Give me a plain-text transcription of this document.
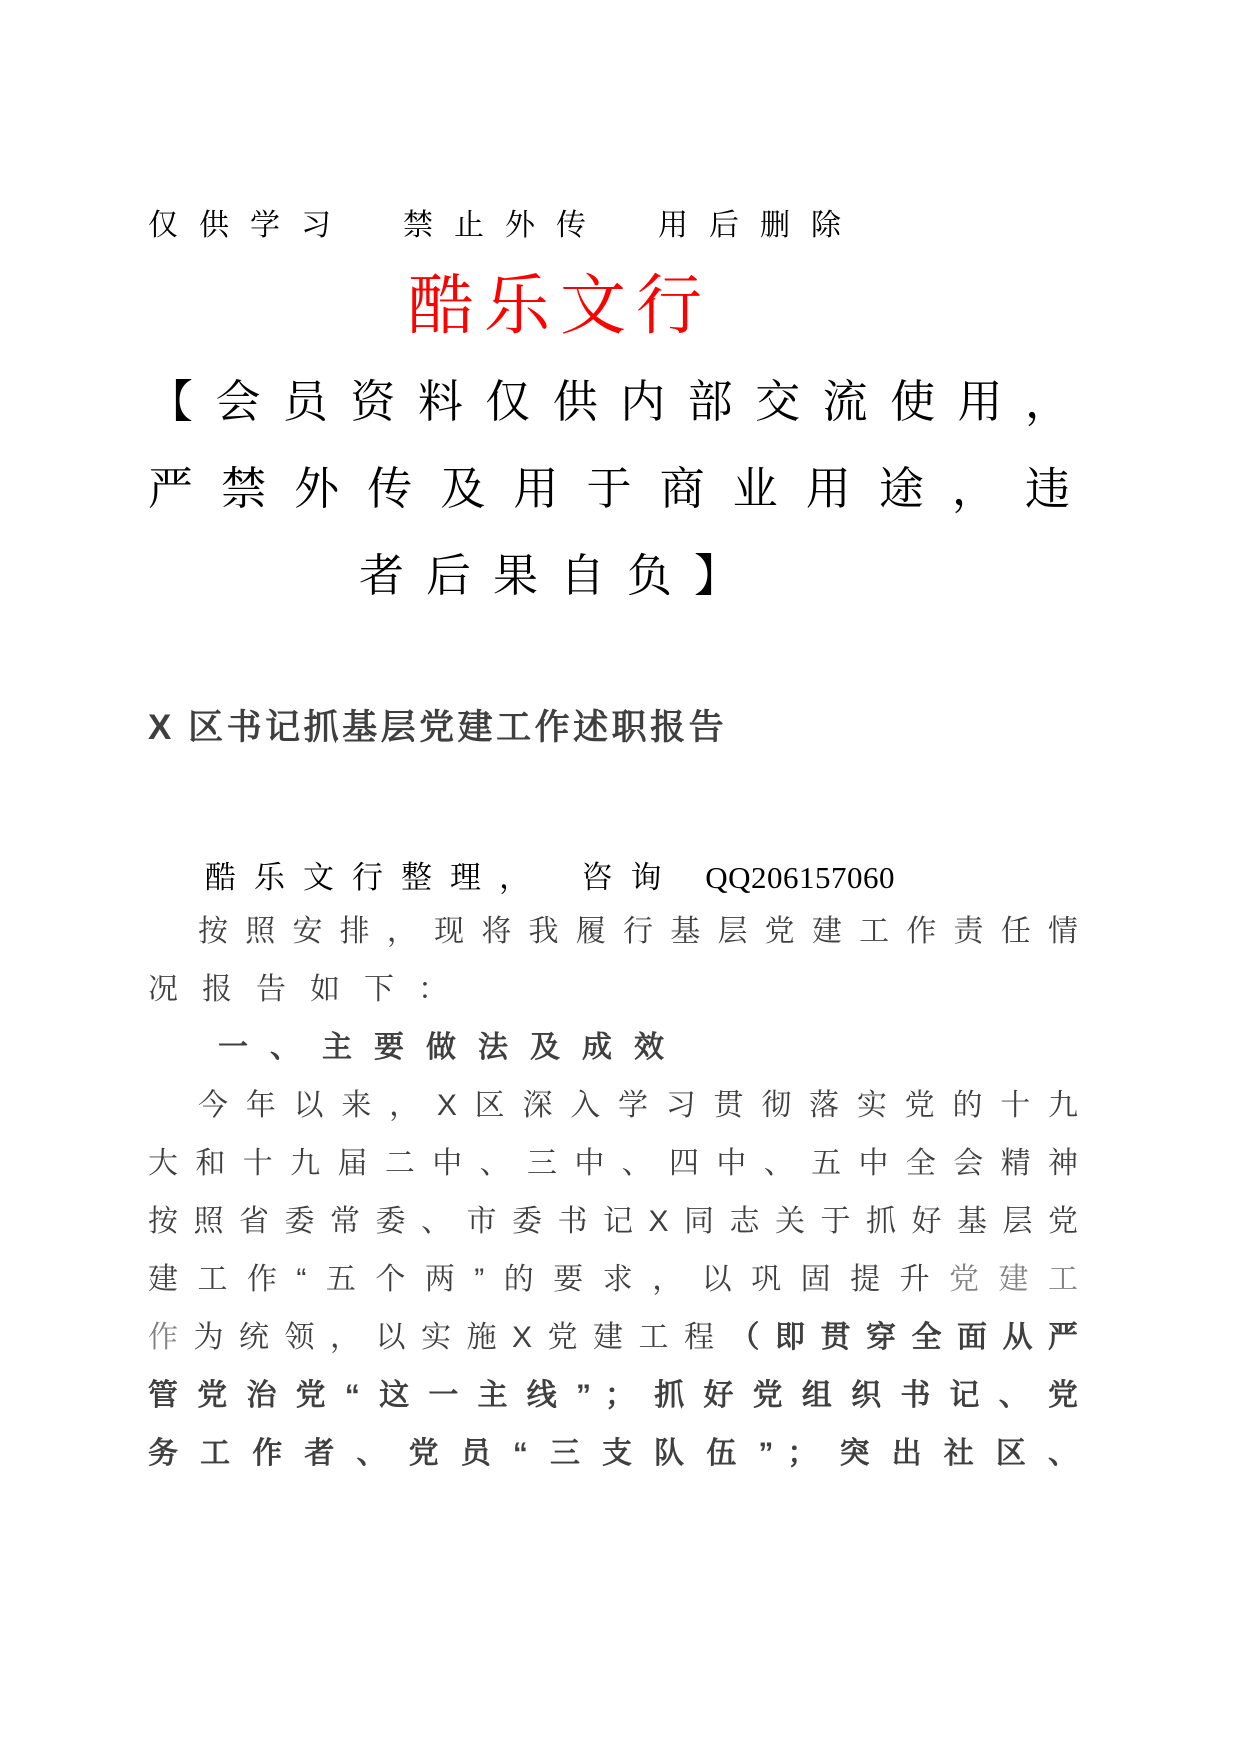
仅供学习　禁止外传　用后删除
酷乐文行
【会员资料仅供内部交流使用，
严禁外传及用于商业用途，违
者后果自负】
X 区书记抓基层党建工作述职报告
酷乐文行整理，　咨询 QQ206157060
按照安排，现将我履行基层党建工作责任情
况报告如下：
一、主要做法及成效
今年以来，X区深入学习贯彻落实党的十九
大和十九届二中、三中、四中、五中全会精神
按照省委常委、市委书记X同志关于抓好基层党
建工作“五个两”的要求，以巩固提升党建工
作为统领，以实施X党建工程（即贯穿全面从严
管党治党“这一主线”；抓好党组织书记、党
务工作者、党员“三支队伍”；突出社区、
